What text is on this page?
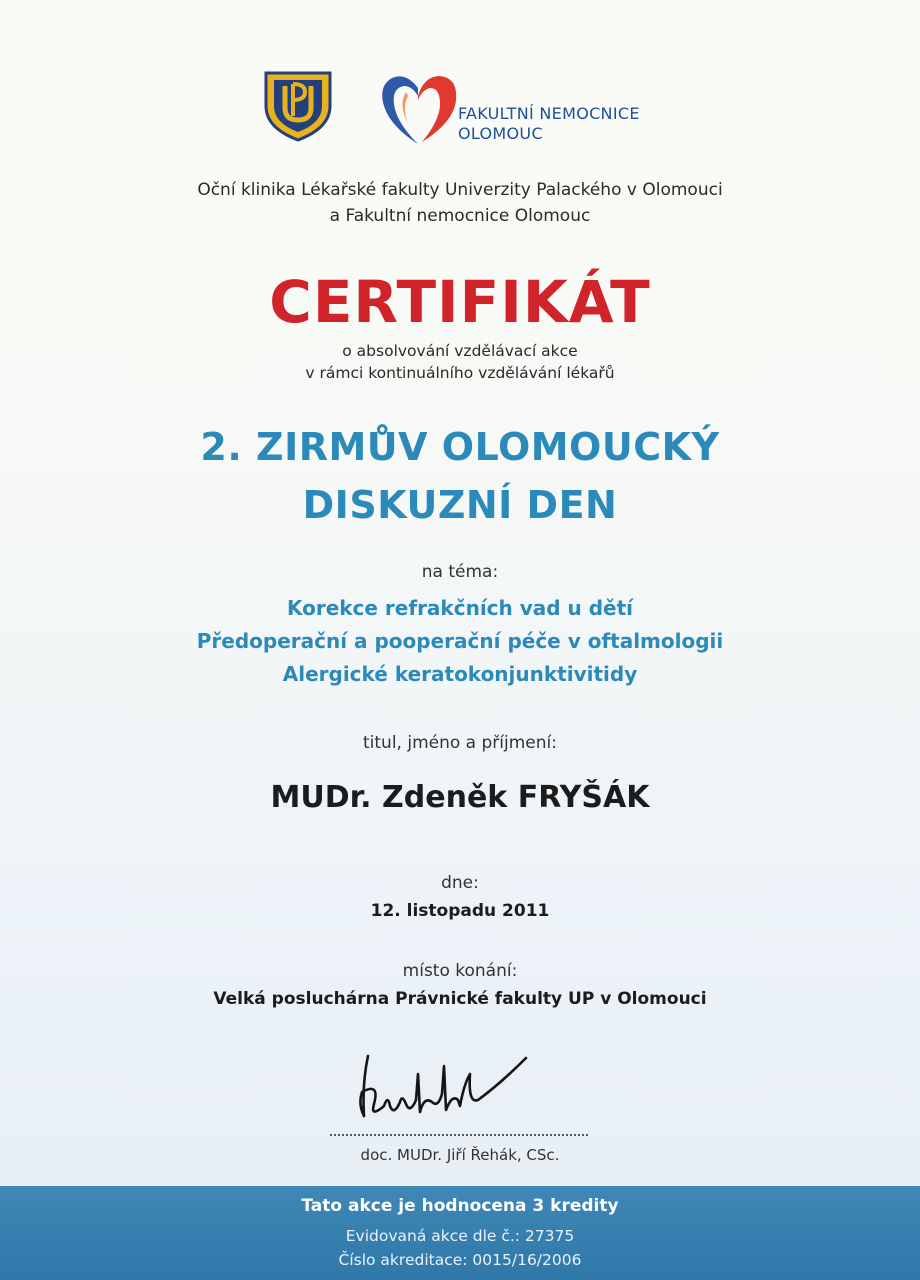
FAKULTNÍ NEMOCNICE
OLOMOUC
Oční klinika Lékařské fakulty Univerzity Palackého v Olomouci
a Fakultní nemocnice Olomouc
CERTIFIKÁT
o absolvování vzdělávací akce
v rámci kontinuálního vzdělávání lékařů
2. ZIRMŮV OLOMOUCKÝ
DISKUZNÍ DEN
na téma:
Korekce refrakčních vad u dětí
Předoperační a pooperační péče v oftalmologii
Alergické keratokonjunktivitidy
titul, jméno a příjmení:
MUDr. Zdeněk FRYŠÁK
dne:
12. listopadu 2011
místo konání:
Velká posluchárna Právnické fakulty UP v Olomouci
doc. MUDr. Jiří Řehák, CSc.
Tato akce je hodnocena 3 kredity
Evidovaná akce dle č.: 27375
Číslo akreditace: 0015/16/2006
